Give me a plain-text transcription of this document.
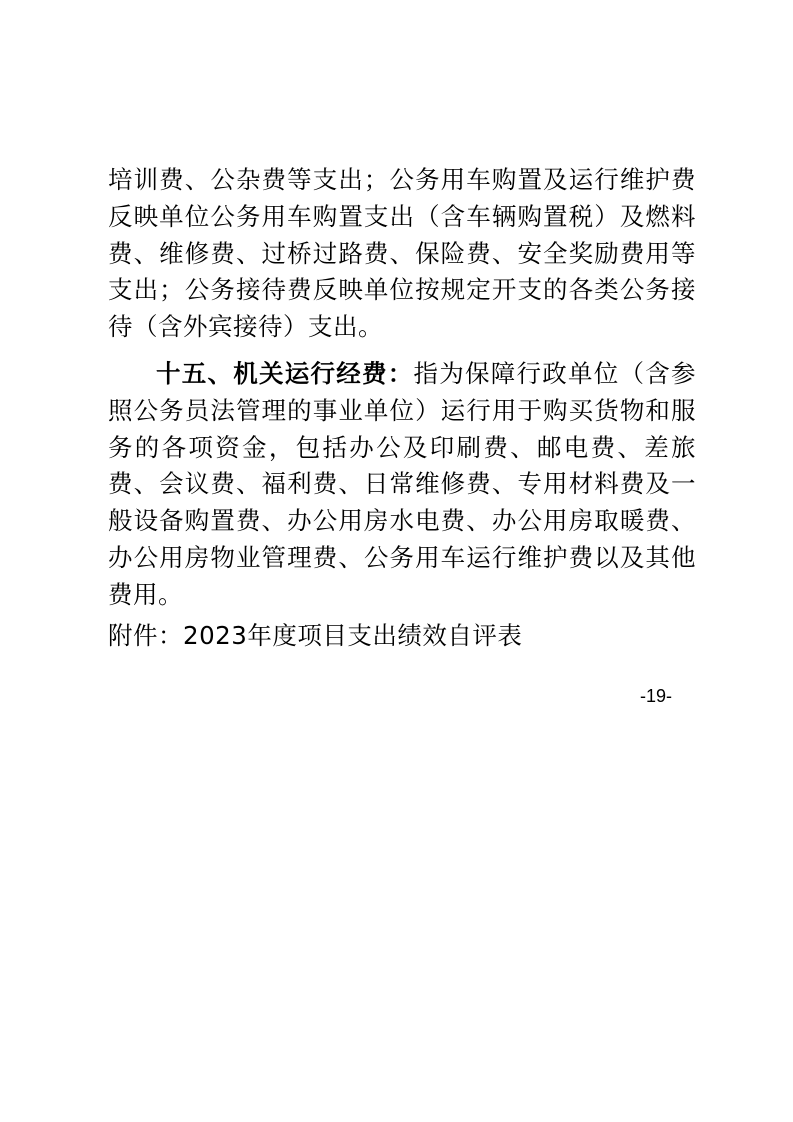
培训费、公杂费等支出；公务用车购置及运行维护费反映单位公务用车购置支出（含车辆购置税）及燃料费、维修费、过桥过路费、保险费、安全奖励费用等支出；公务接待费反映单位按规定开支的各类公务接待（含外宾接待）支出。

十五、机关运行经费：指为保障行政单位（含参照公务员法管理的事业单位）运行用于购买货物和服务的各项资金，包括办公及印刷费、邮电费、差旅费、会议费、福利费、日常维修费、专用材料费及一般设备购置费、办公用房水电费、办公用房取暖费、办公用房物业管理费、公务用车运行维护费以及其他费用。

附件：2023年度项目支出绩效自评表
-19-
